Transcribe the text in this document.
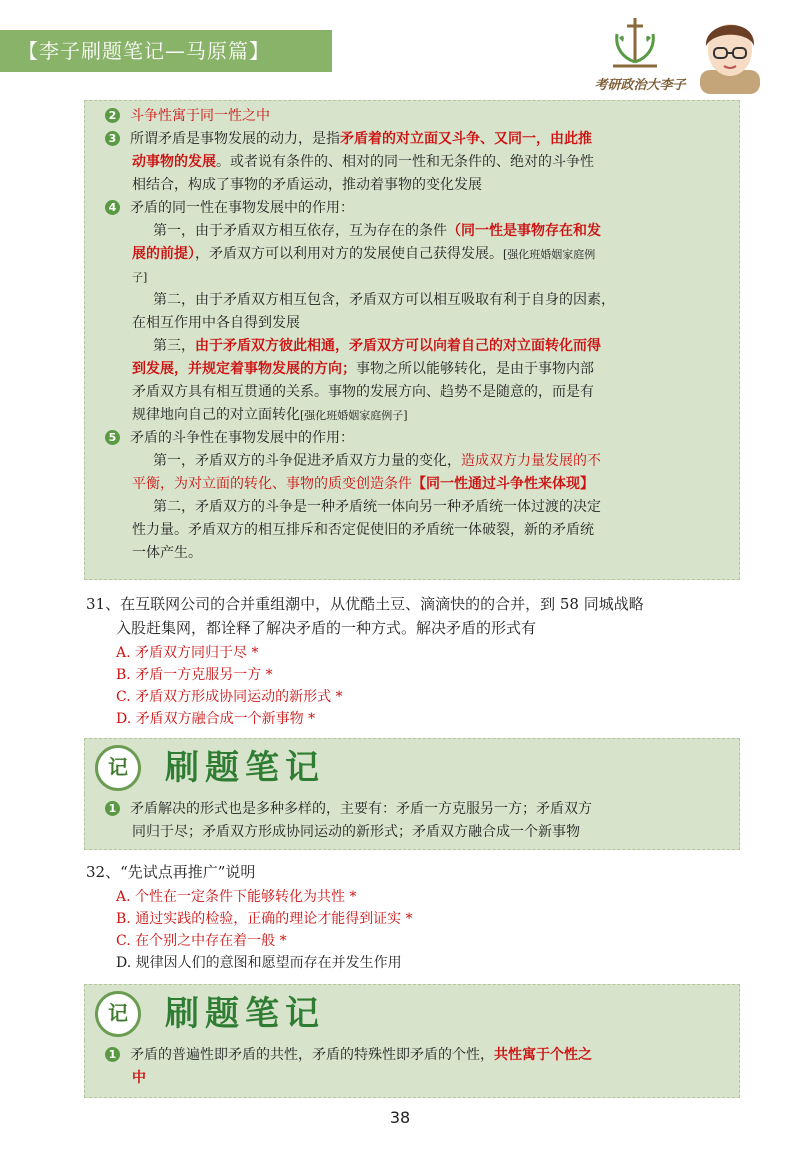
【李子刷题笔记—马原篇】
考研政治大李子
2 斗争性寓于同一性之中
3 所谓矛盾是事物发展的动力，是指矛盾着的对立面又斗争、又同一，由此推
动事物的发展。或者说有条件的、相对的同一性和无条件的、绝对的斗争性
相结合，构成了事物的矛盾运动，推动着事物的变化发展
4 矛盾的同一性在事物发展中的作用：
第一，由于矛盾双方相互依存，互为存在的条件（同一性是事物存在和发
展的前提），矛盾双方可以利用对方的发展使自己获得发展。[强化班婚姻家庭例
子]
第二，由于矛盾双方相互包含，矛盾双方可以相互吸取有利于自身的因素，
在相互作用中各自得到发展
第三，由于矛盾双方彼此相通，矛盾双方可以向着自己的对立面转化而得
到发展，并规定着事物发展的方向；事物之所以能够转化，是由于事物内部
矛盾双方具有相互贯通的关系。事物的发展方向、趋势不是随意的，而是有
规律地向自己的对立面转化[强化班婚姻家庭例子]
5 矛盾的斗争性在事物发展中的作用：
第一，矛盾双方的斗争促进矛盾双方力量的变化，造成双方力量发展的不
平衡，为对立面的转化、事物的质变创造条件【同一性通过斗争性来体现】
第二，矛盾双方的斗争是一种矛盾统一体向另一种矛盾统一体过渡的决定
性力量。矛盾双方的相互排斥和否定促使旧的矛盾统一体破裂，新的矛盾统
一体产生。
31、在互联网公司的合并重组潮中，从优酷土豆、滴滴快的的合并，到 58 同城战略
入股赶集网，都诠释了解决矛盾的一种方式。解决矛盾的形式有
A. 矛盾双方同归于尽 *
B. 矛盾一方克服另一方 *
C. 矛盾双方形成协同运动的新形式 *
D. 矛盾双方融合成一个新事物 *
记	刷题笔记
1 矛盾解决的形式也是多种多样的，主要有：矛盾一方克服另一方；矛盾双方
同归于尽；矛盾双方形成协同运动的新形式；矛盾双方融合成一个新事物
32、“先试点再推广”说明
A. 个性在一定条件下能够转化为共性 *
B. 通过实践的检验，正确的理论才能得到证实 *
C. 在个别之中存在着一般 *
D. 规律因人们的意图和愿望而存在并发生作用
记	刷题笔记
1 矛盾的普遍性即矛盾的共性，矛盾的特殊性即矛盾的个性，共性寓于个性之
中
38
